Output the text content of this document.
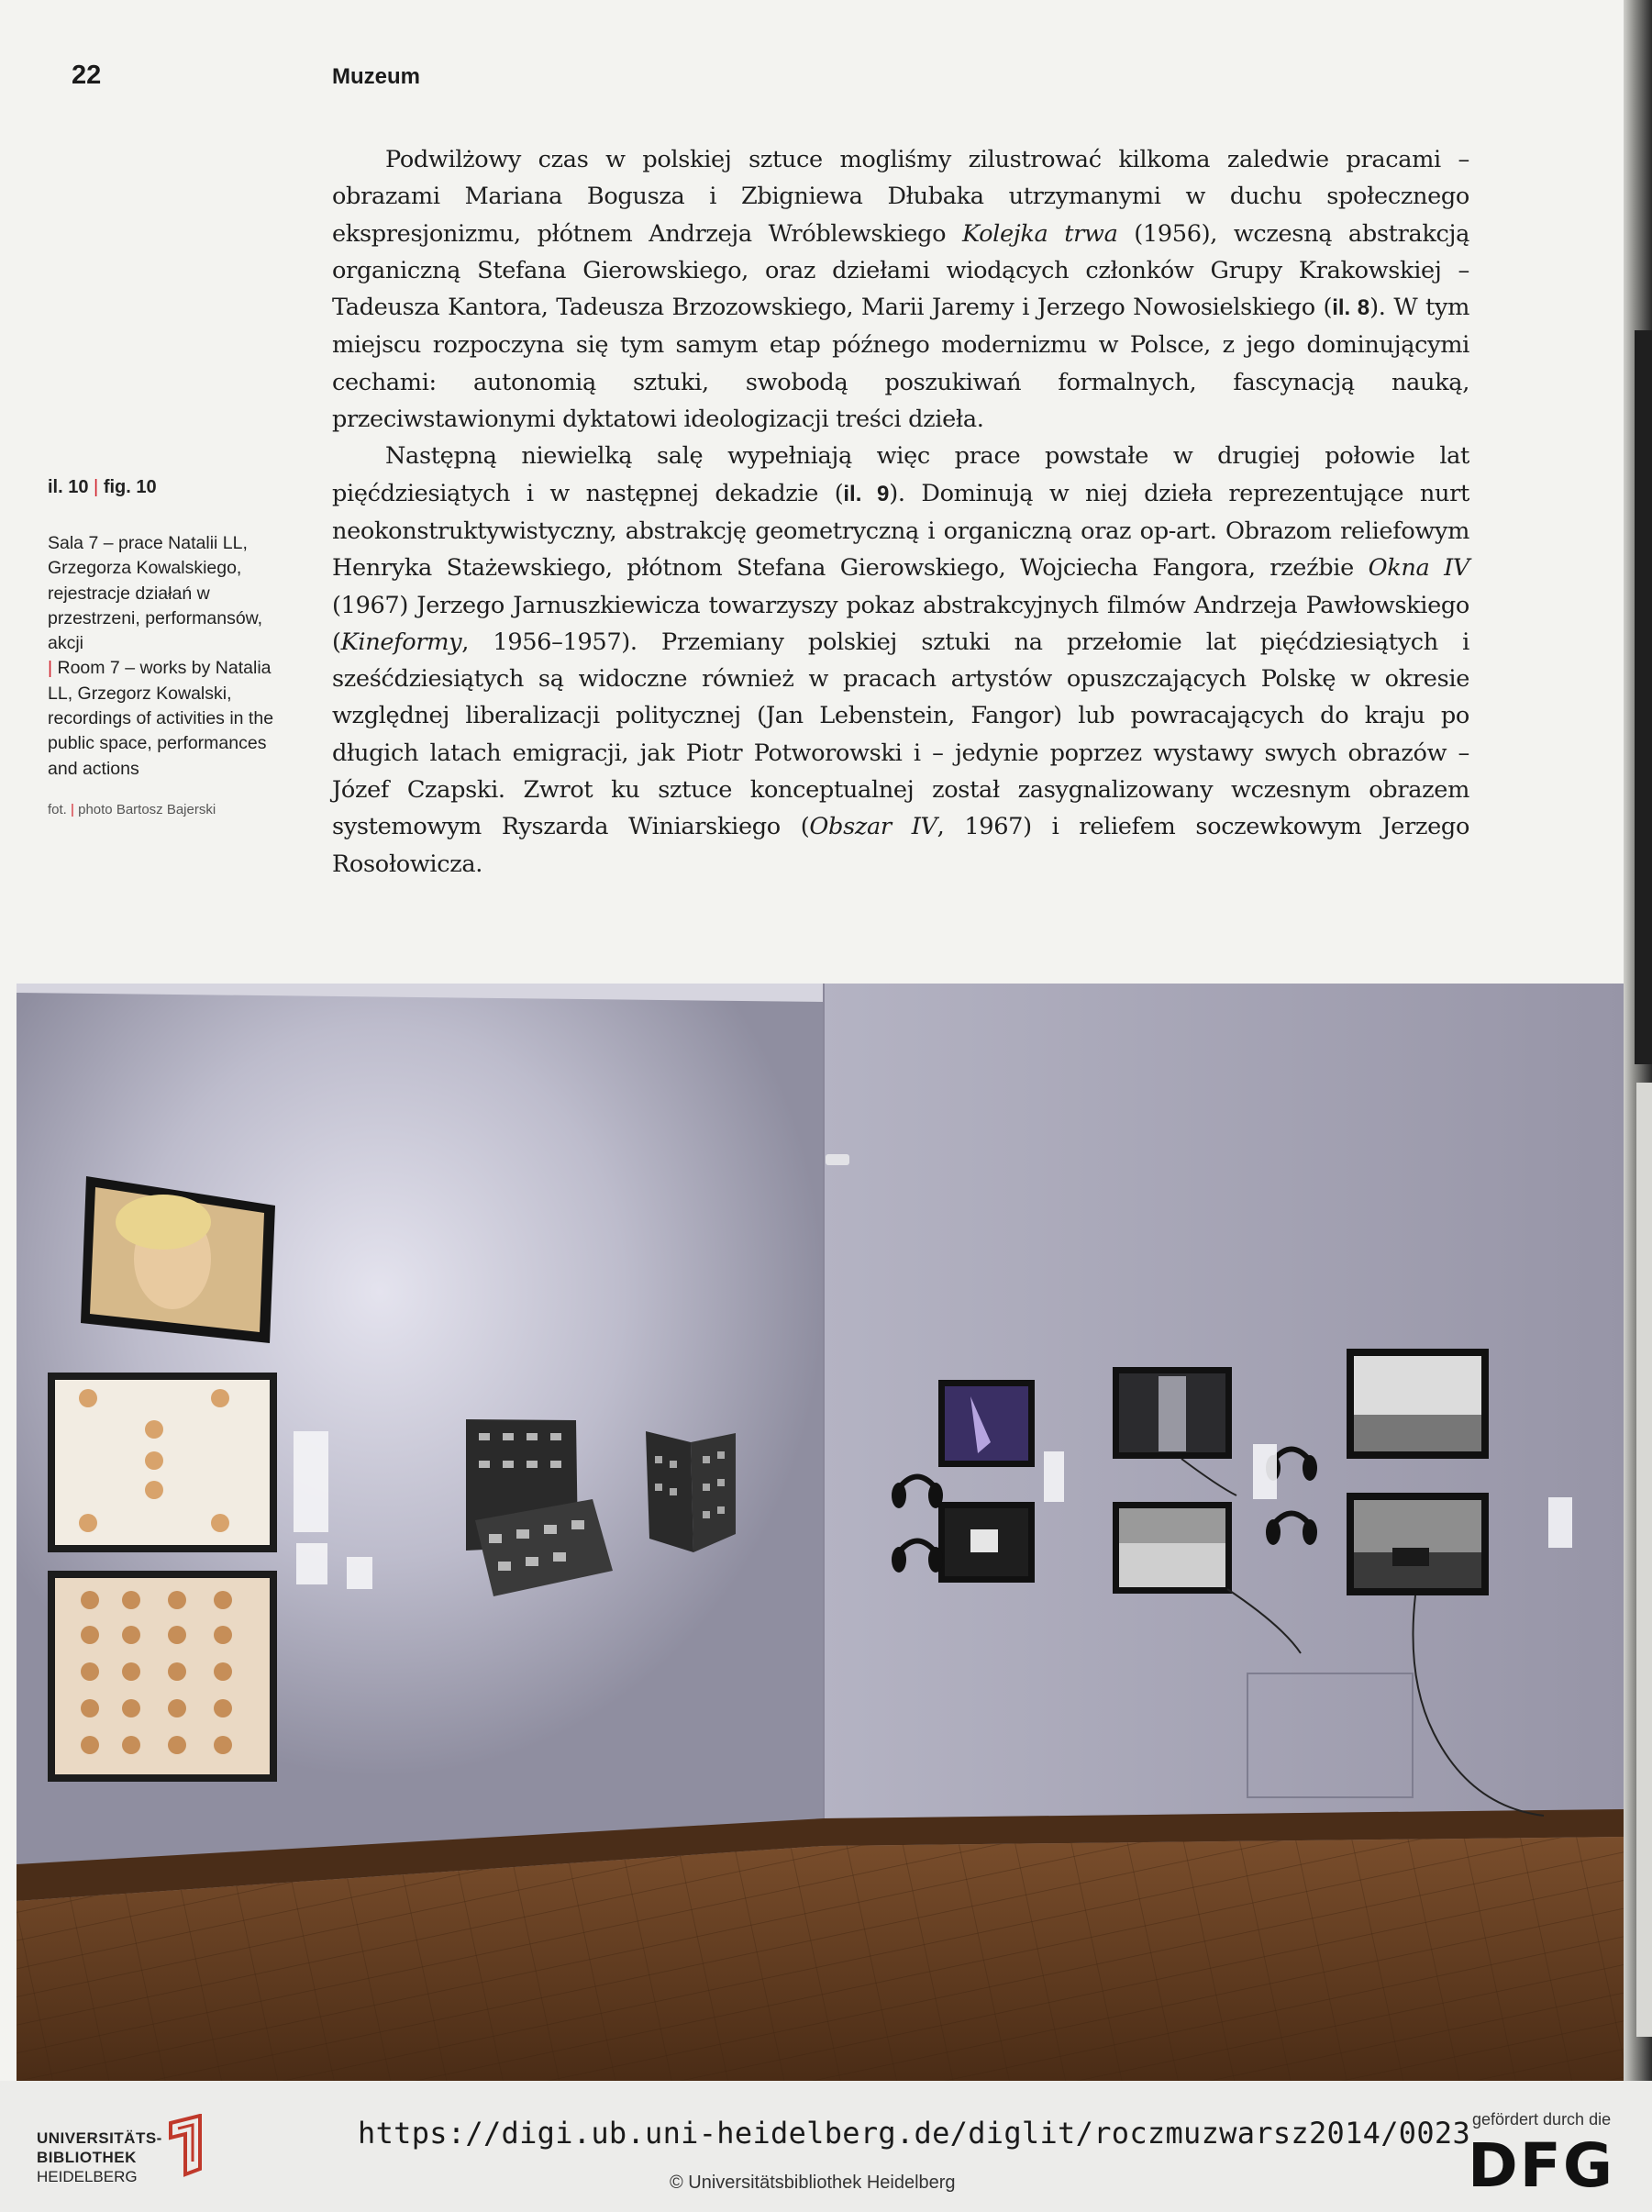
22	Muzeum

Podwilżowy czas w polskiej sztuce mogliśmy zilustrować kilkoma zaledwie pracami – obrazami Mariana Bogusza i Zbigniewa Dłubaka utrzymanymi w duchu społecznego ekspresjonizmu, płótnem Andrzeja Wróblewskiego Kolejka trwa (1956), wczesną abstrakcją organiczną Stefana Gierowskiego, oraz dziełami wiodących członków Grupy Krakowskiej – Tadeusza Kantora, Tadeusza Brzozowskiego, Marii Jaremy i Jerzego Nowosielskiego (il. 8). W tym miejscu rozpoczyna się tym samym etap późnego modernizmu w Polsce, z jego dominującymi cechami: autonomią sztuki, swobodą poszukiwań formalnych, fascynacją nauką, przeciwstawionymi dyktatowi ideologizacji treści dzieła.

Następną niewielką salę wypełniają więc prace powstałe w drugiej połowie lat pięćdziesiątych i w następnej dekadzie (il. 9). Dominują w niej dzieła reprezentujące nurt neokonstruktywistyczny, abstrakcję geometryczną i organiczną oraz op-art. Obrazom reliefowym Henryka Stażewskiego, płótnom Stefana Gierowskiego, Wojciecha Fangora, rzeźbie Okna IV (1967) Jerzego Jarnuszkiewicza towarzyszy pokaz abstrakcyjnych filmów Andrzeja Pawłowskiego (Kineformy, 1956–1957). Przemiany polskiej sztuki na przełomie lat pięćdziesiątych i sześćdziesiątych są widoczne również w pracach artystów opuszczających Polskę w okresie względnej liberalizacji politycznej (Jan Lebenstein, Fangor) lub powracających do kraju po długich latach emigracji, jak Piotr Potworowski i – jedynie poprzez wystawy swych obrazów – Józef Czapski. Zwrot ku sztuce konceptualnej został zasygnalizowany wczesnym obrazem systemowym Ryszarda Winiarskiego (Obszar IV, 1967) i reliefem soczewkowym Jerzego Rosołowicza.

il. 10 | fig. 10
Sala 7 – prace Natalii LL, Grzegorza Kowalskiego, rejestracje działań w przestrzeni, performansów, akcji
| Room 7 – works by Natalia LL, Grzegorz Kowalski, recordings of activities in the public space, performances and actions
fot. | photo Bartosz Bajerski
UNIVERSITÄTS-
BIBLIOTHEK
HEIDELBERG
https://digi.ub.uni-heidelberg.de/diglit/roczmuzwarsz2014/0023
© Universitätsbibliothek Heidelberg
gefördert durch die
DFG
